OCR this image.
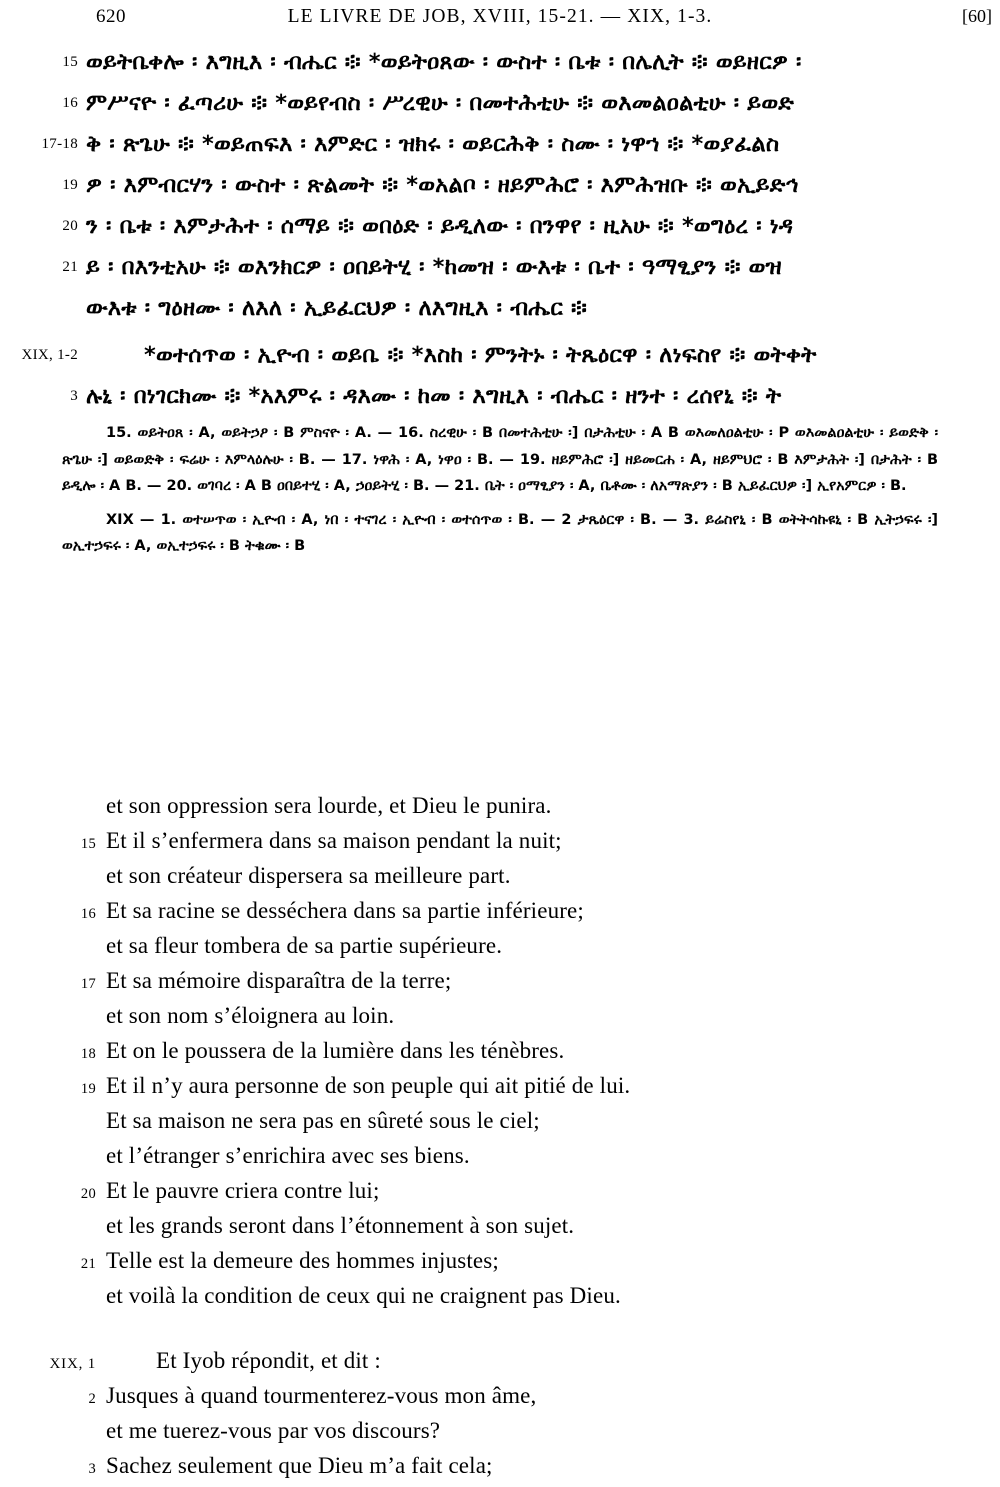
620	LE LIVRE DE JOB, XVIII, 15-21. — XIX, 1-3.	[60]
15 ወይትቤቀሎ ፡ እግዚእ ፡ ብሔር ፨ *ወይትዐጸው ፡ ውስተ ፡ ቤቱ ፡ በሌሊት ፨ ወይዘርዎ ፡
16 ምሥናዮ ፡ ፈጣሪሁ ፨ *ወይየብስ ፡ ሥረዊሁ ፡ በመተሕቲሁ ፨ ወእመልዐልቲሁ ፡ ይወድ
17-18 ቅ ፡ ጽጌሁ ፨ *ወይጠፍእ ፡ እምድር ፡ ዝክሩ ፡ ወይርሕቅ ፡ ስሙ ፡ ነዋኀ ፨ *ወያፈልስ
19 ዎ ፡ እምብርሃን ፡ ውስተ ፡ ጽልመት ፨ *ወአልቦ ፡ ዘይምሕሮ ፡ እምሕዝቡ ፨ ወኢይድኅ
20 ን ፡ ቤቱ ፡ እምታሕተ ፡ ሰማይ ፨ ወበዕድ ፡ ይዲለው ፡ በንዋየ ፡ ዚአሁ ፨ *ወግዕረ ፡ ነዳ
21 ይ ፡ በእንቲአሁ ፨ ወእንክርዎ ፡ ዐበይትሂ ፡ *ከመዝ ፡ ውእቱ ፡ ቤተ ፡ ዓማፂያን ፨ ወዝ
ውእቱ ፡ ግዕዘሙ ፡ ለእለ ፡ ኢይፈርህዎ ፡ ለእግዚእ ፡ ብሔር ፨
XIX, 1-2	*ወተሰጥወ ፡ ኢዮብ ፡ ወይቤ ፨ *እስከ ፡ ምንትኑ ፡ ትጼዕርዋ ፡ ለነፍስየ ፨ ወትቀት
3 ሉኒ ፡ በነገርክሙ ፨ *አእምሩ ፡ ዳእሙ ፡ ከመ ፡ እግዚእ ፡ ብሔር ፡ ዘንተ ፡ ረሰየኒ ፨ ት

15. ወይትዐጸ ፡ A, ወይትኃዖ ፡ B ምስናዮ ፡ A. — 16. ስረዊሁ ፡ B በመተሕቲሁ ፡] በታሕቲሁ ፡ A B ወእመለዐልቲሁ ፡ P ወእመልዐልቲሁ ፡ ይወድቅ ፡ ጽጌሁ ፡] ወይወድቅ ፡ ፍሬሁ ፡ እምላዕሉሁ ፡ B. — 17. ነዋሕ ፡ A, ነዋዐ ፡ B. — 19. ዘይምሕሮ ፡] ዘይመርሐ ፡ A, ዘይምህሮ ፡ B እምታሕት ፡] በታሕት ፡ B ይዲሎ ፡ A B. — 20. ወገባረ ፡ A B ዐበይተሂ ፡ A, ኃዐይትሂ ፡ B. — 21. ቤት ፡ ዐማፂያን ፡ A, ቤቶሙ ፡ ለአማጽያን ፡ B ኢይፈርህዎ ፡] ኢየአምርዎ ፡ B.

XIX — 1. ወተሠጥወ ፡ ኢዮብ ፡ A, ነበ ፡ ተናገረ ፡ ኢዮብ ፡ ወተሰጥወ ፡ B. — 2 ታጼዕርዋ ፡ B. — 3. ይሬስየኒ ፡ B ወትትሳኩዩኒ ፡ B ኢትኃፍሩ ፡] ወኢተኃፍሩ ፡ A, ወኢተኃፍሩ ፡ B ትቁሙ ፡ B

et son oppression sera lourde, et Dieu le punira.
15 Et il s’enfermera dans sa maison pendant la nuit;
et son créateur dispersera sa meilleure part.
16 Et sa racine se desséchera dans sa partie inférieure;
et sa fleur tombera de sa partie supérieure.
17 Et sa mémoire disparaîtra de la terre;
et son nom s’éloignera au loin.
18 Et on le poussera de la lumière dans les ténèbres.
19 Et il n’y aura personne de son peuple qui ait pitié de lui.
Et sa maison ne sera pas en sûreté sous le ciel;
et l’étranger s’enrichira avec ses biens.
20 Et le pauvre criera contre lui;
et les grands seront dans l’étonnement à son sujet.
21 Telle est la demeure des hommes injustes;
et voilà la condition de ceux qui ne craignent pas Dieu.
XIX, 1	Et Iyob répondit, et dit :
2 Jusques à quand tourmenterez-vous mon âme,
et me tuerez-vous par vos discours?
3 Sachez seulement que Dieu m’a fait cela;
